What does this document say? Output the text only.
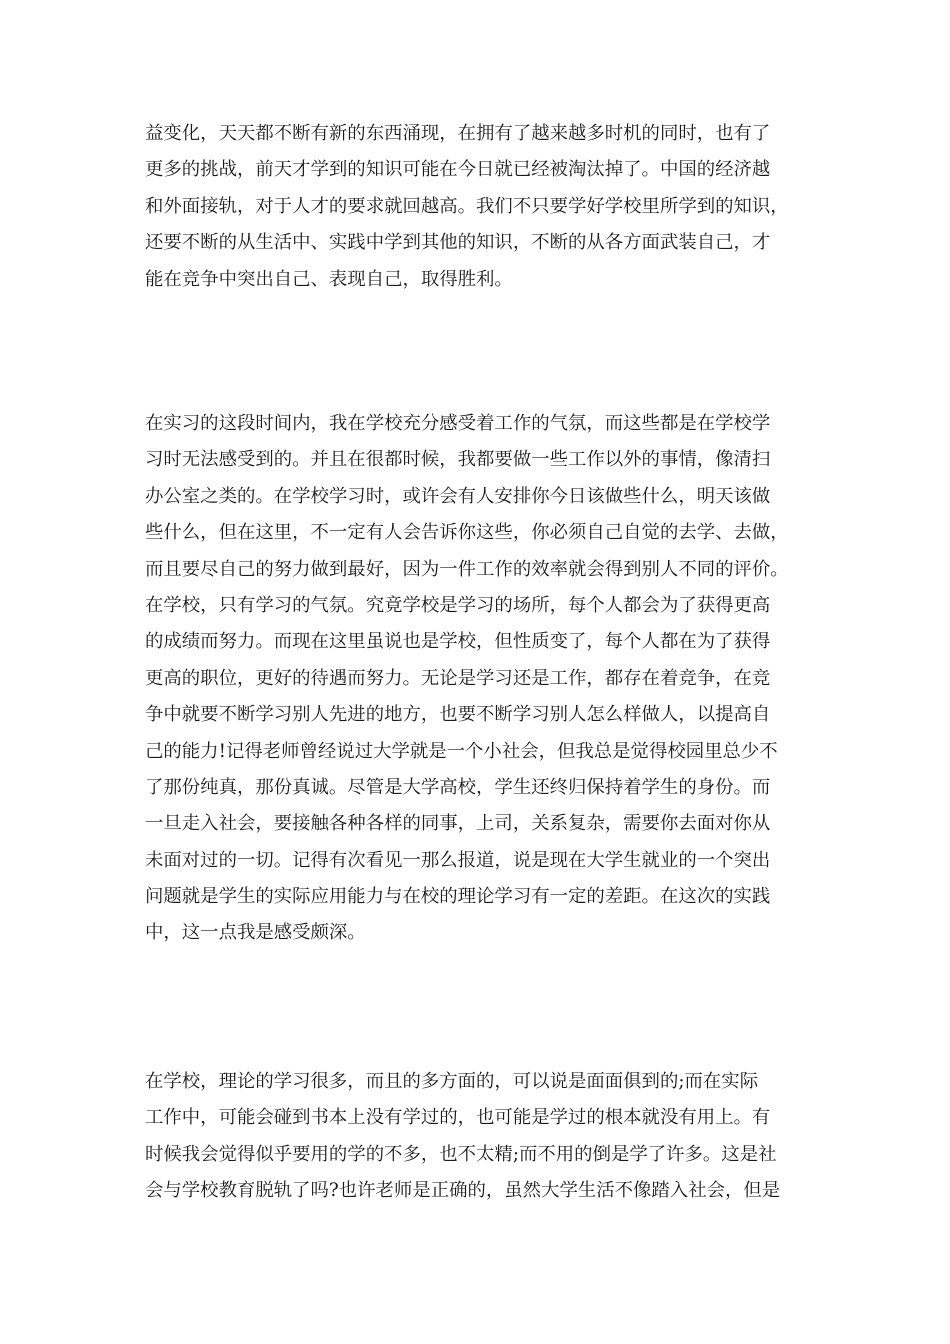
益变化，天天都不断有新的东西涌现，在拥有了越来越多时机的同时，也有了
更多的挑战，前天才学到的知识可能在今日就已经被淘汰掉了。中国的经济越
和外面接轨，对于人才的要求就回越高。我们不只要学好学校里所学到的知识，
还要不断的从生活中、实践中学到其他的知识，不断的从各方面武装自己，才
能在竞争中突出自己、表现自己，取得胜利。
在实习的这段时间内，我在学校充分感受着工作的气氛，而这些都是在学校学
习时无法感受到的。并且在很都时候，我都要做一些工作以外的事情，像清扫
办公室之类的。在学校学习时，或许会有人安排你今日该做些什么，明天该做
些什么，但在这里，不一定有人会告诉你这些，你必须自己自觉的去学、去做，
而且要尽自己的努力做到最好，因为一件工作的效率就会得到别人不同的评价。
在学校，只有学习的气氛。究竟学校是学习的场所，每个人都会为了获得更高
的成绩而努力。而现在这里虽说也是学校，但性质变了，每个人都在为了获得
更高的职位，更好的待遇而努力。无论是学习还是工作，都存在着竞争，在竞
争中就要不断学习别人先进的地方，也要不断学习别人怎么样做人，以提高自
己的能力!记得老师曾经说过大学就是一个小社会，但我总是觉得校园里总少不
了那份纯真，那份真诚。尽管是大学高校，学生还终归保持着学生的身份。而
一旦走入社会，要接触各种各样的同事，上司，关系复杂，需要你去面对你从
未面对过的一切。记得有次看见一那么报道，说是现在大学生就业的一个突出
问题就是学生的实际应用能力与在校的理论学习有一定的差距。在这次的实践
中，这一点我是感受颇深。
在学校，理论的学习很多，而且的多方面的，可以说是面面俱到的;而在实际
工作中，可能会碰到书本上没有学过的，也可能是学过的根本就没有用上。有
时候我会觉得似乎要用的学的不多，也不太精;而不用的倒是学了许多。这是社
会与学校教育脱轨了吗?也许老师是正确的，虽然大学生活不像踏入社会，但是
